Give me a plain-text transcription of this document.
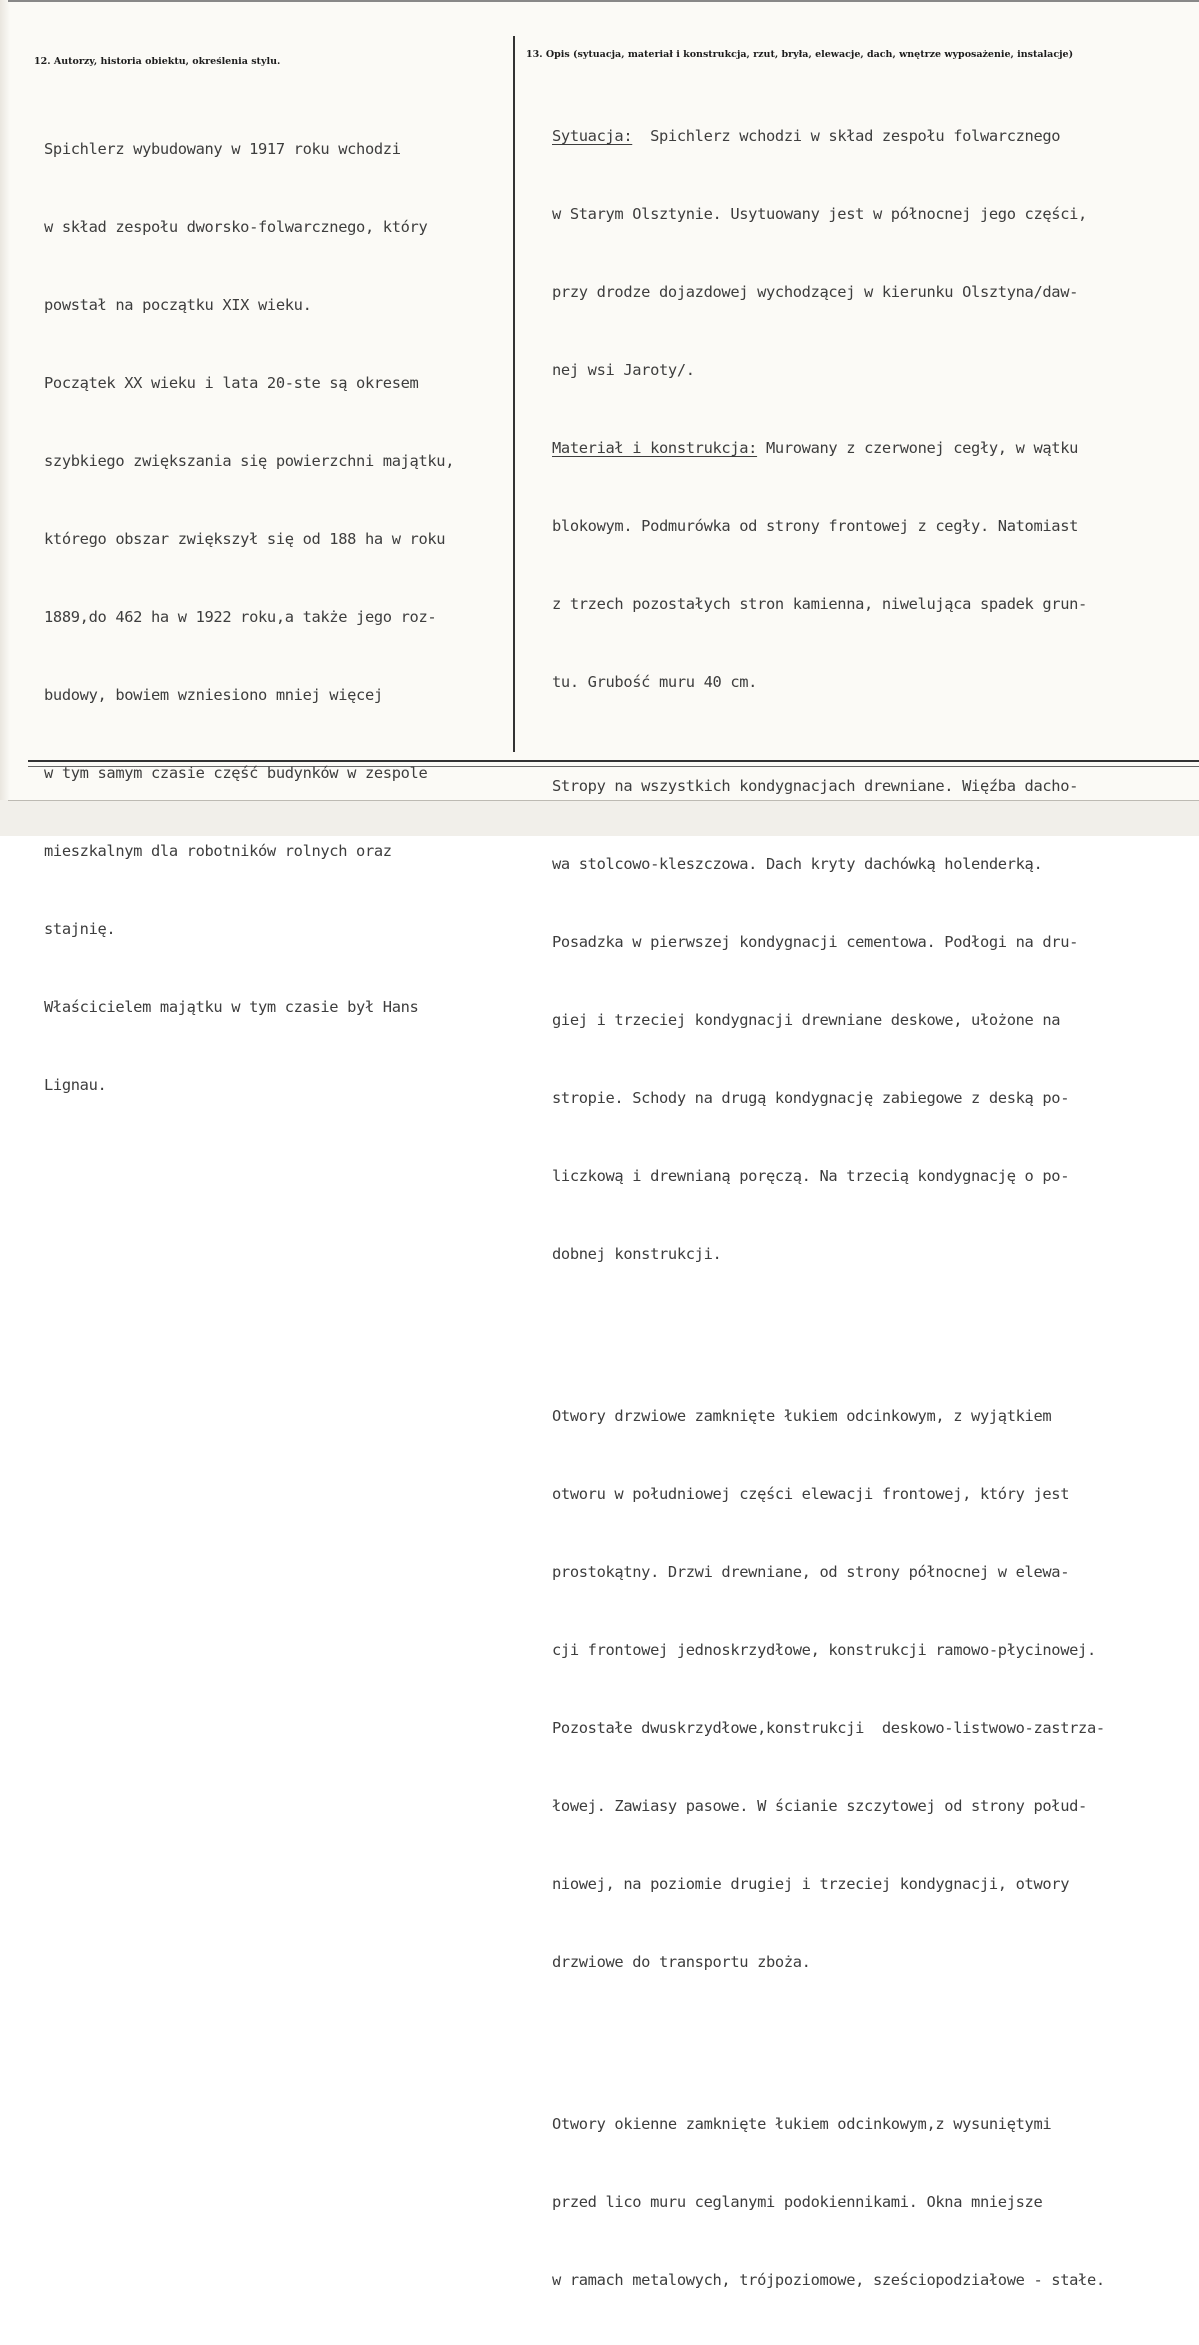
12. Autorzy, historia obiektu, określenia stylu.
13. Opis (sytuacja, materiał i konstrukcja, rzut, bryła, elewacje, dach, wnętrze wyposażenie, instalacje)

Spichlerz wybudowany w 1917 roku wchodzi

w skład zespołu dworsko-folwarcznego, który

powstał na początku XIX wieku.

Początek XX wieku i lata 20-ste są okresem

szybkiego zwiększania się powierzchni majątku,

którego obszar zwiększył się od 188 ha w roku

1889,do 462 ha w 1922 roku,a także jego roz-

budowy, bowiem wzniesiono mniej więcej

w tym samym czasie część budynków w zespole

mieszkalnym dla robotników rolnych oraz

stajnię.

Właścicielem majątku w tym czasie był Hans

Lignau.

Sytuacja:  Spichlerz wchodzi w skład zespołu folwarcznego

w Starym Olsztynie. Usytuowany jest w północnej jego części,

przy drodze dojazdowej wychodzącej w kierunku Olsztyna/daw-

nej wsi Jaroty/.

Materiał i konstrukcja: Murowany z czerwonej cegły, w wątku

blokowym. Podmurówka od strony frontowej z cegły. Natomiast

z trzech pozostałych stron kamienna, niwelująca spadek grun-

tu. Grubość muru 40 cm.

Stropy na wszystkich kondygnacjach drewniane. Więźba dacho-

wa stolcowo-kleszczowa. Dach kryty dachówką holenderką.

Posadzka w pierwszej kondygnacji cementowa. Podłogi na dru-

giej i trzeciej kondygnacji drewniane deskowe, ułożone na

stropie. Schody na drugą kondygnację zabiegowe z deską po-

liczkową i drewnianą poręczą. Na trzecią kondygnację o po-

dobnej konstrukcji.

Otwory drzwiowe zamknięte łukiem odcinkowym, z wyjątkiem

otworu w południowej części elewacji frontowej, który jest

prostokątny. Drzwi drewniane, od strony północnej w elewa-

cji frontowej jednoskrzydłowe, konstrukcji ramowo-płycinowej.

Pozostałe dwuskrzydłowe,konstrukcji  deskowo-listwowo-zastrza-

łowej. Zawiasy pasowe. W ścianie szczytowej od strony połud-

niowej, na poziomie drugiej i trzeciej kondygnacji, otwory

drzwiowe do transportu zboża.

Otwory okienne zamknięte łukiem odcinkowym,z wysuniętymi

przed lico muru ceglanymi podokiennikami. Okna mniejsze

w ramach metalowych, trójpoziomowe, sześciopodziałowe - stałe.
